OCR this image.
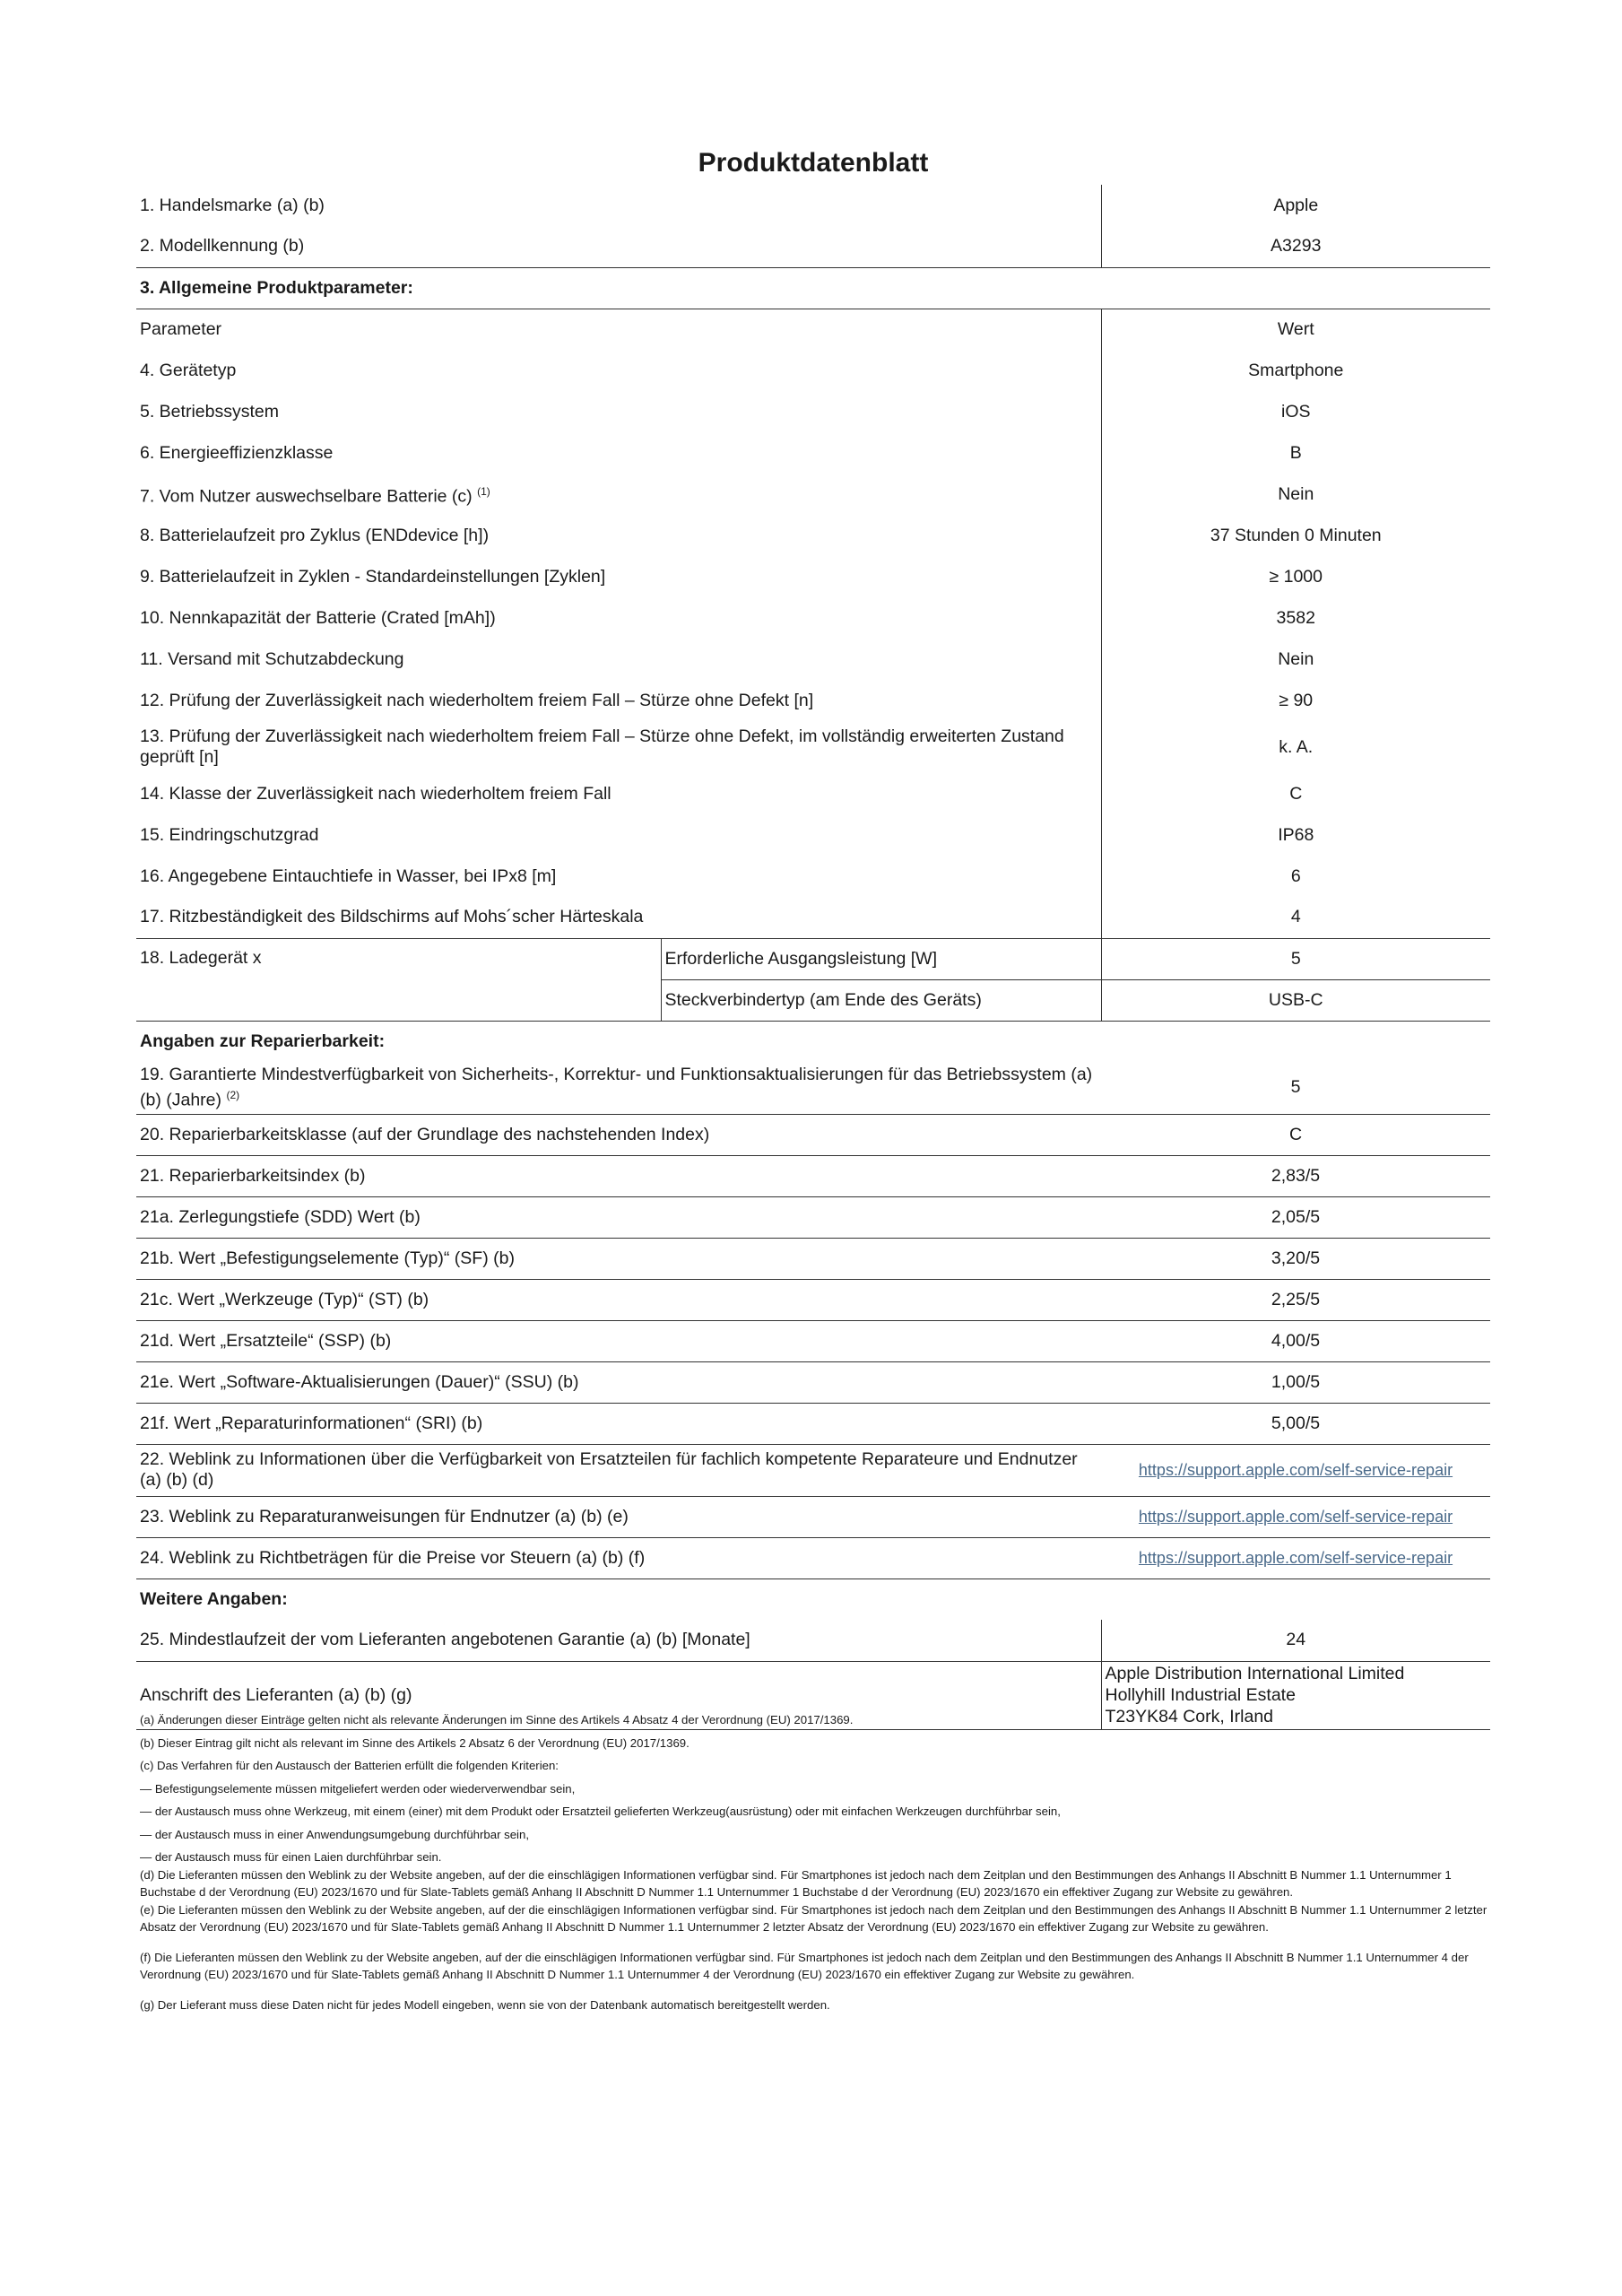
Produktdatenblatt
1. Handelsmarke (a) (b)		Apple
2. Modellkennung (b)		A3293
3. Allgemeine Produktparameter:		
Parameter		Wert
4. Gerätetyp		Smartphone
5. Betriebssystem		iOS
6. Energieeffizienzklasse		B
7. Vom Nutzer auswechselbare Batterie (c) $^{(1)}$		Nein
8. Batterielaufzeit pro Zyklus (ENDdevice [h])		37 Stunden 0 Minuten
9. Batterielaufzeit in Zyklen - Standardeinstellungen [Zyklen]		≥ 1000
10. Nennkapazität der Batterie (Crated [mAh])		3582
11. Versand mit Schutzabdeckung		Nein
12. Prüfung der Zuverlässigkeit nach wiederholtem freiem Fall – Stürze ohne Defekt [n]		≥ 90
13. Prüfung der Zuverlässigkeit nach wiederholtem freiem Fall – Stürze ohne Defekt, im vollständig erweiterten Zustand geprüft [n]		k. A.
14. Klasse der Zuverlässigkeit nach wiederholtem freiem Fall		C
15. Eindringschutzgrad		IP68
16. Angegebene Eintauchtiefe in Wasser, bei IPx8 [m]		6
17. Ritzbeständigkeit des Bildschirms auf Mohs´scher Härteskala		4
18. Ladegerät x	Erforderliche Ausgangsleistung [W]	5
	Steckverbindertyp (am Ende des Geräts)	USB-C
Angaben zur Reparierbarkeit:		
19. Garantierte Mindestverfügbarkeit von Sicherheits-, Korrektur- und Funktionsaktualisierungen für das Betriebssystem (a) (b) (Jahre) $^{(2)}$		5
20. Reparierbarkeitsklasse (auf der Grundlage des nachstehenden Index)		C
21. Reparierbarkeitsindex (b)		2,83/5
21a. Zerlegungstiefe (SDD) Wert (b)		2,05/5
21b. Wert „Befestigungselemente (Typ)“ (SF) (b)		3,20/5
21c. Wert „Werkzeuge (Typ)“ (ST) (b)		2,25/5
21d. Wert „Ersatzteile“ (SSP) (b)		4,00/5
21e. Wert „Software-Aktualisierungen (Dauer)“ (SSU) (b)		1,00/5
21f. Wert „Reparaturinformationen“ (SRI) (b)		5,00/5
22. Weblink zu Informationen über die Verfügbarkeit von Ersatzteilen für fachlich kompetente Reparateure und Endnutzer (a) (b) (d)		https://support.apple.com/self-service-repair
23. Weblink zu Reparaturanweisungen für Endnutzer (a) (b) (e)		https://support.apple.com/self-service-repair
24. Weblink zu Richtbeträgen für die Preise vor Steuern (a) (b) (f)		https://support.apple.com/self-service-repair
Weitere Angaben:		
25. Mindestlaufzeit der vom Lieferanten angebotenen Garantie (a) (b) [Monate]		24
Anschrift des Lieferanten (a) (b) (g)		Apple Distribution International Limited
Hollyhill Industrial Estate
T23YK84 Cork, Irland

(a) Änderungen dieser Einträge gelten nicht als relevante Änderungen im Sinne des Artikels 4 Absatz 4 der Verordnung (EU) 2017/1369.

(b) Dieser Eintrag gilt nicht als relevant im Sinne des Artikels 2 Absatz 6 der Verordnung (EU) 2017/1369.

(c) Das Verfahren für den Austausch der Batterien erfüllt die folgenden Kriterien:

— Befestigungselemente müssen mitgeliefert werden oder wiederverwendbar sein,

— der Austausch muss ohne Werkzeug, mit einem (einer) mit dem Produkt oder Ersatzteil gelieferten Werkzeug(ausrüstung) oder mit einfachen Werkzeugen durchführbar sein,

— der Austausch muss in einer Anwendungsumgebung durchführbar sein,

— der Austausch muss für einen Laien durchführbar sein.

(d) Die Lieferanten müssen den Weblink zu der Website angeben, auf der die einschlägigen Informationen verfügbar sind. Für Smartphones ist jedoch nach dem Zeitplan und den Bestimmungen des Anhangs II Abschnitt B Nummer 1.1 Unternummer 1 Buchstabe d der Verordnung (EU) 2023/1670 und für Slate-Tablets gemäß Anhang II Abschnitt D Nummer 1.1 Unternummer 1 Buchstabe d der Verordnung (EU) 2023/1670 ein effektiver Zugang zur Website zu gewähren.

(e) Die Lieferanten müssen den Weblink zu der Website angeben, auf der die einschlägigen Informationen verfügbar sind. Für Smartphones ist jedoch nach dem Zeitplan und den Bestimmungen des Anhangs II Abschnitt B Nummer 1.1 Unternummer 2 letzter Absatz der Verordnung (EU) 2023/1670 und für Slate-Tablets gemäß Anhang II Abschnitt D Nummer 1.1 Unternummer 2 letzter Absatz der Verordnung (EU) 2023/1670 ein effektiver Zugang zur Website zu gewähren.

(f) Die Lieferanten müssen den Weblink zu der Website angeben, auf der die einschlägigen Informationen verfügbar sind. Für Smartphones ist jedoch nach dem Zeitplan und den Bestimmungen des Anhangs II Abschnitt B Nummer 1.1 Unternummer 4 der Verordnung (EU) 2023/1670 und für Slate-Tablets gemäß Anhang II Abschnitt D Nummer 1.1 Unternummer 4 der Verordnung (EU) 2023/1670 ein effektiver Zugang zur Website zu gewähren.

(g) Der Lieferant muss diese Daten nicht für jedes Modell eingeben, wenn sie von der Datenbank automatisch bereitgestellt werden.
